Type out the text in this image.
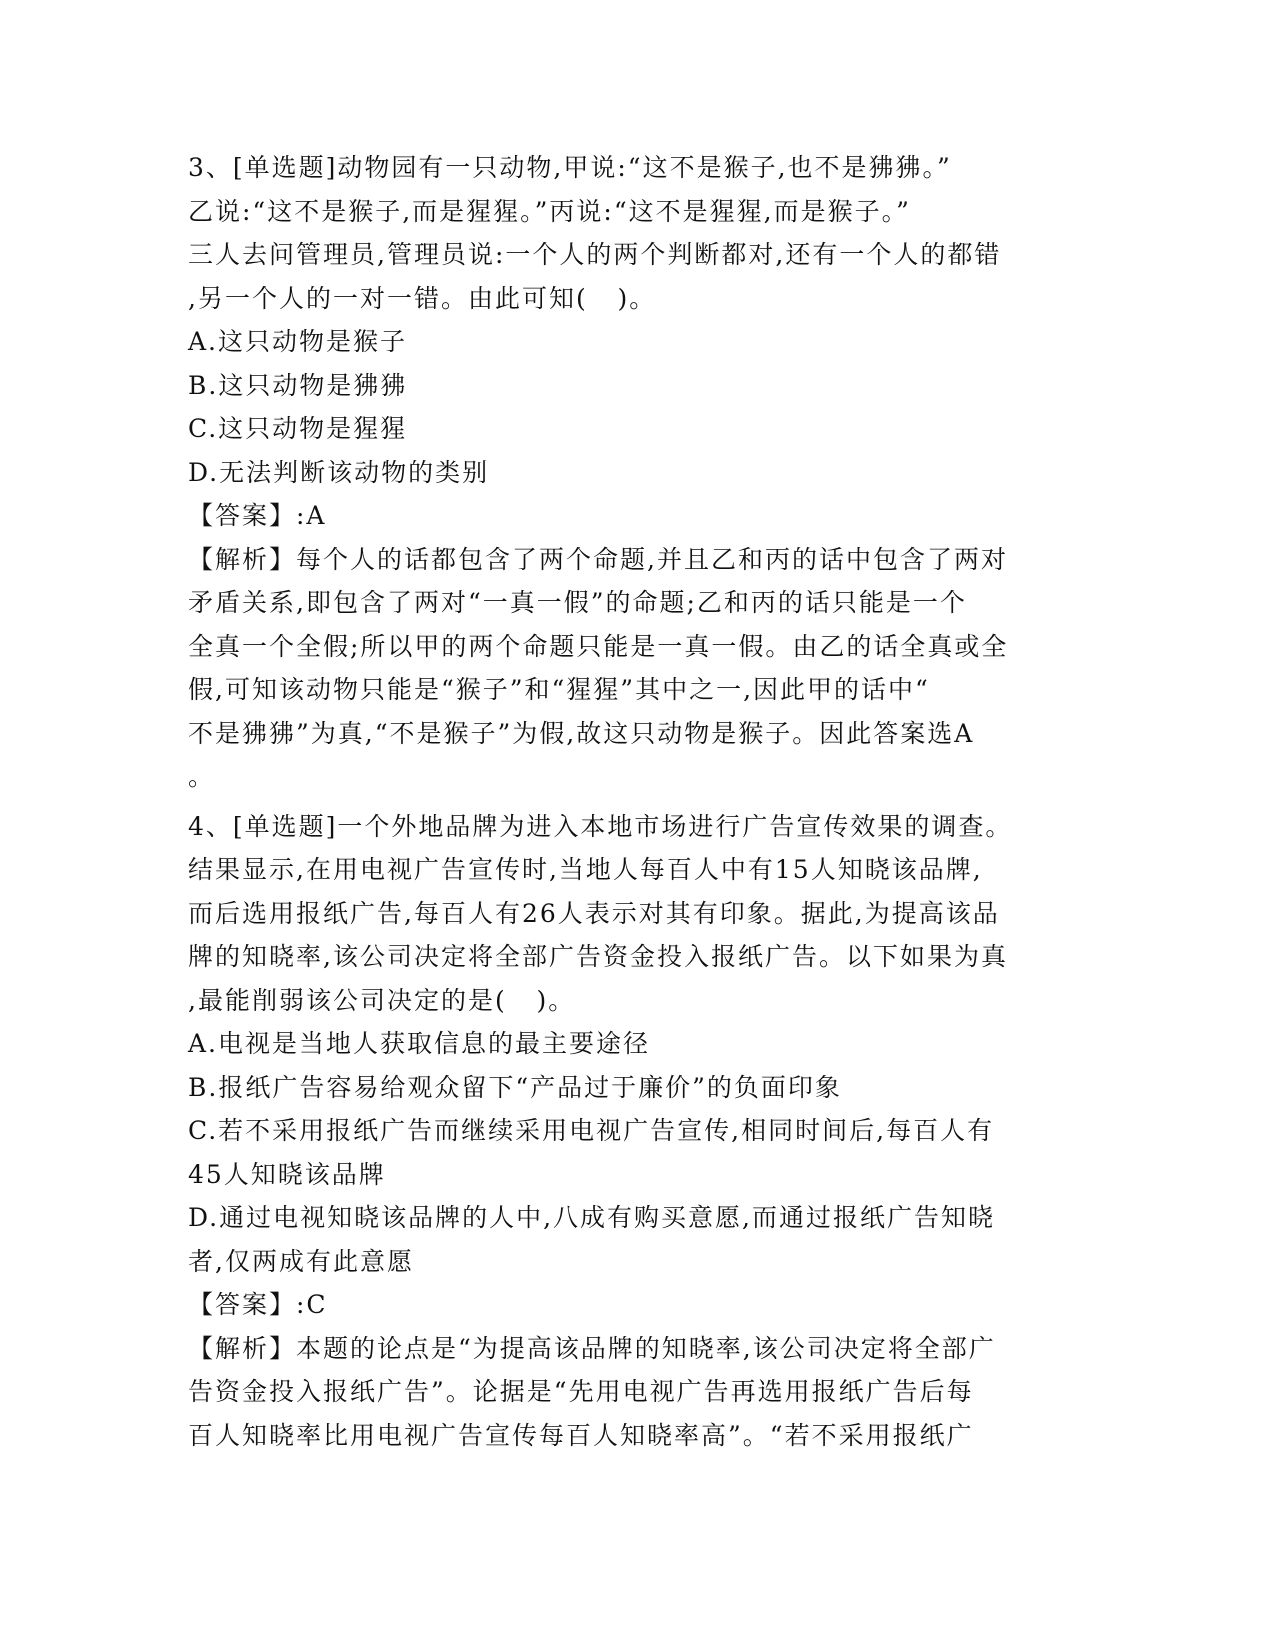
3、[单选题]动物园有一只动物,甲说:“这不是猴子,也不是狒狒。”
乙说:“这不是猴子,而是猩猩。”丙说:“这不是猩猩,而是猴子。”
三人去问管理员,管理员说:一个人的两个判断都对,还有一个人的都错
,另一个人的一对一错。由此可知(   )。
A.这只动物是猴子
B.这只动物是狒狒
C.这只动物是猩猩
D.无法判断该动物的类别
【答案】:A
【解析】每个人的话都包含了两个命题,并且乙和丙的话中包含了两对
矛盾关系,即包含了两对“一真一假”的命题;乙和丙的话只能是一个
全真一个全假;所以甲的两个命题只能是一真一假。由乙的话全真或全
假,可知该动物只能是“猴子”和“猩猩”其中之一,因此甲的话中“
不是狒狒”为真,“不是猴子”为假,故这只动物是猴子。因此答案选A
。
4、[单选题]一个外地品牌为进入本地市场进行广告宣传效果的调查。
结果显示,在用电视广告宣传时,当地人每百人中有15人知晓该品牌,
而后选用报纸广告,每百人有26人表示对其有印象。据此,为提高该品
牌的知晓率,该公司决定将全部广告资金投入报纸广告。以下如果为真
,最能削弱该公司决定的是(   )。
A.电视是当地人获取信息的最主要途径
B.报纸广告容易给观众留下“产品过于廉价”的负面印象
C.若不采用报纸广告而继续采用电视广告宣传,相同时间后,每百人有
45人知晓该品牌
D.通过电视知晓该品牌的人中,八成有购买意愿,而通过报纸广告知晓
者,仅两成有此意愿
【答案】:C
【解析】本题的论点是“为提高该品牌的知晓率,该公司决定将全部广
告资金投入报纸广告”。论据是“先用电视广告再选用报纸广告后每
百人知晓率比用电视广告宣传每百人知晓率高”。“若不采用报纸广
